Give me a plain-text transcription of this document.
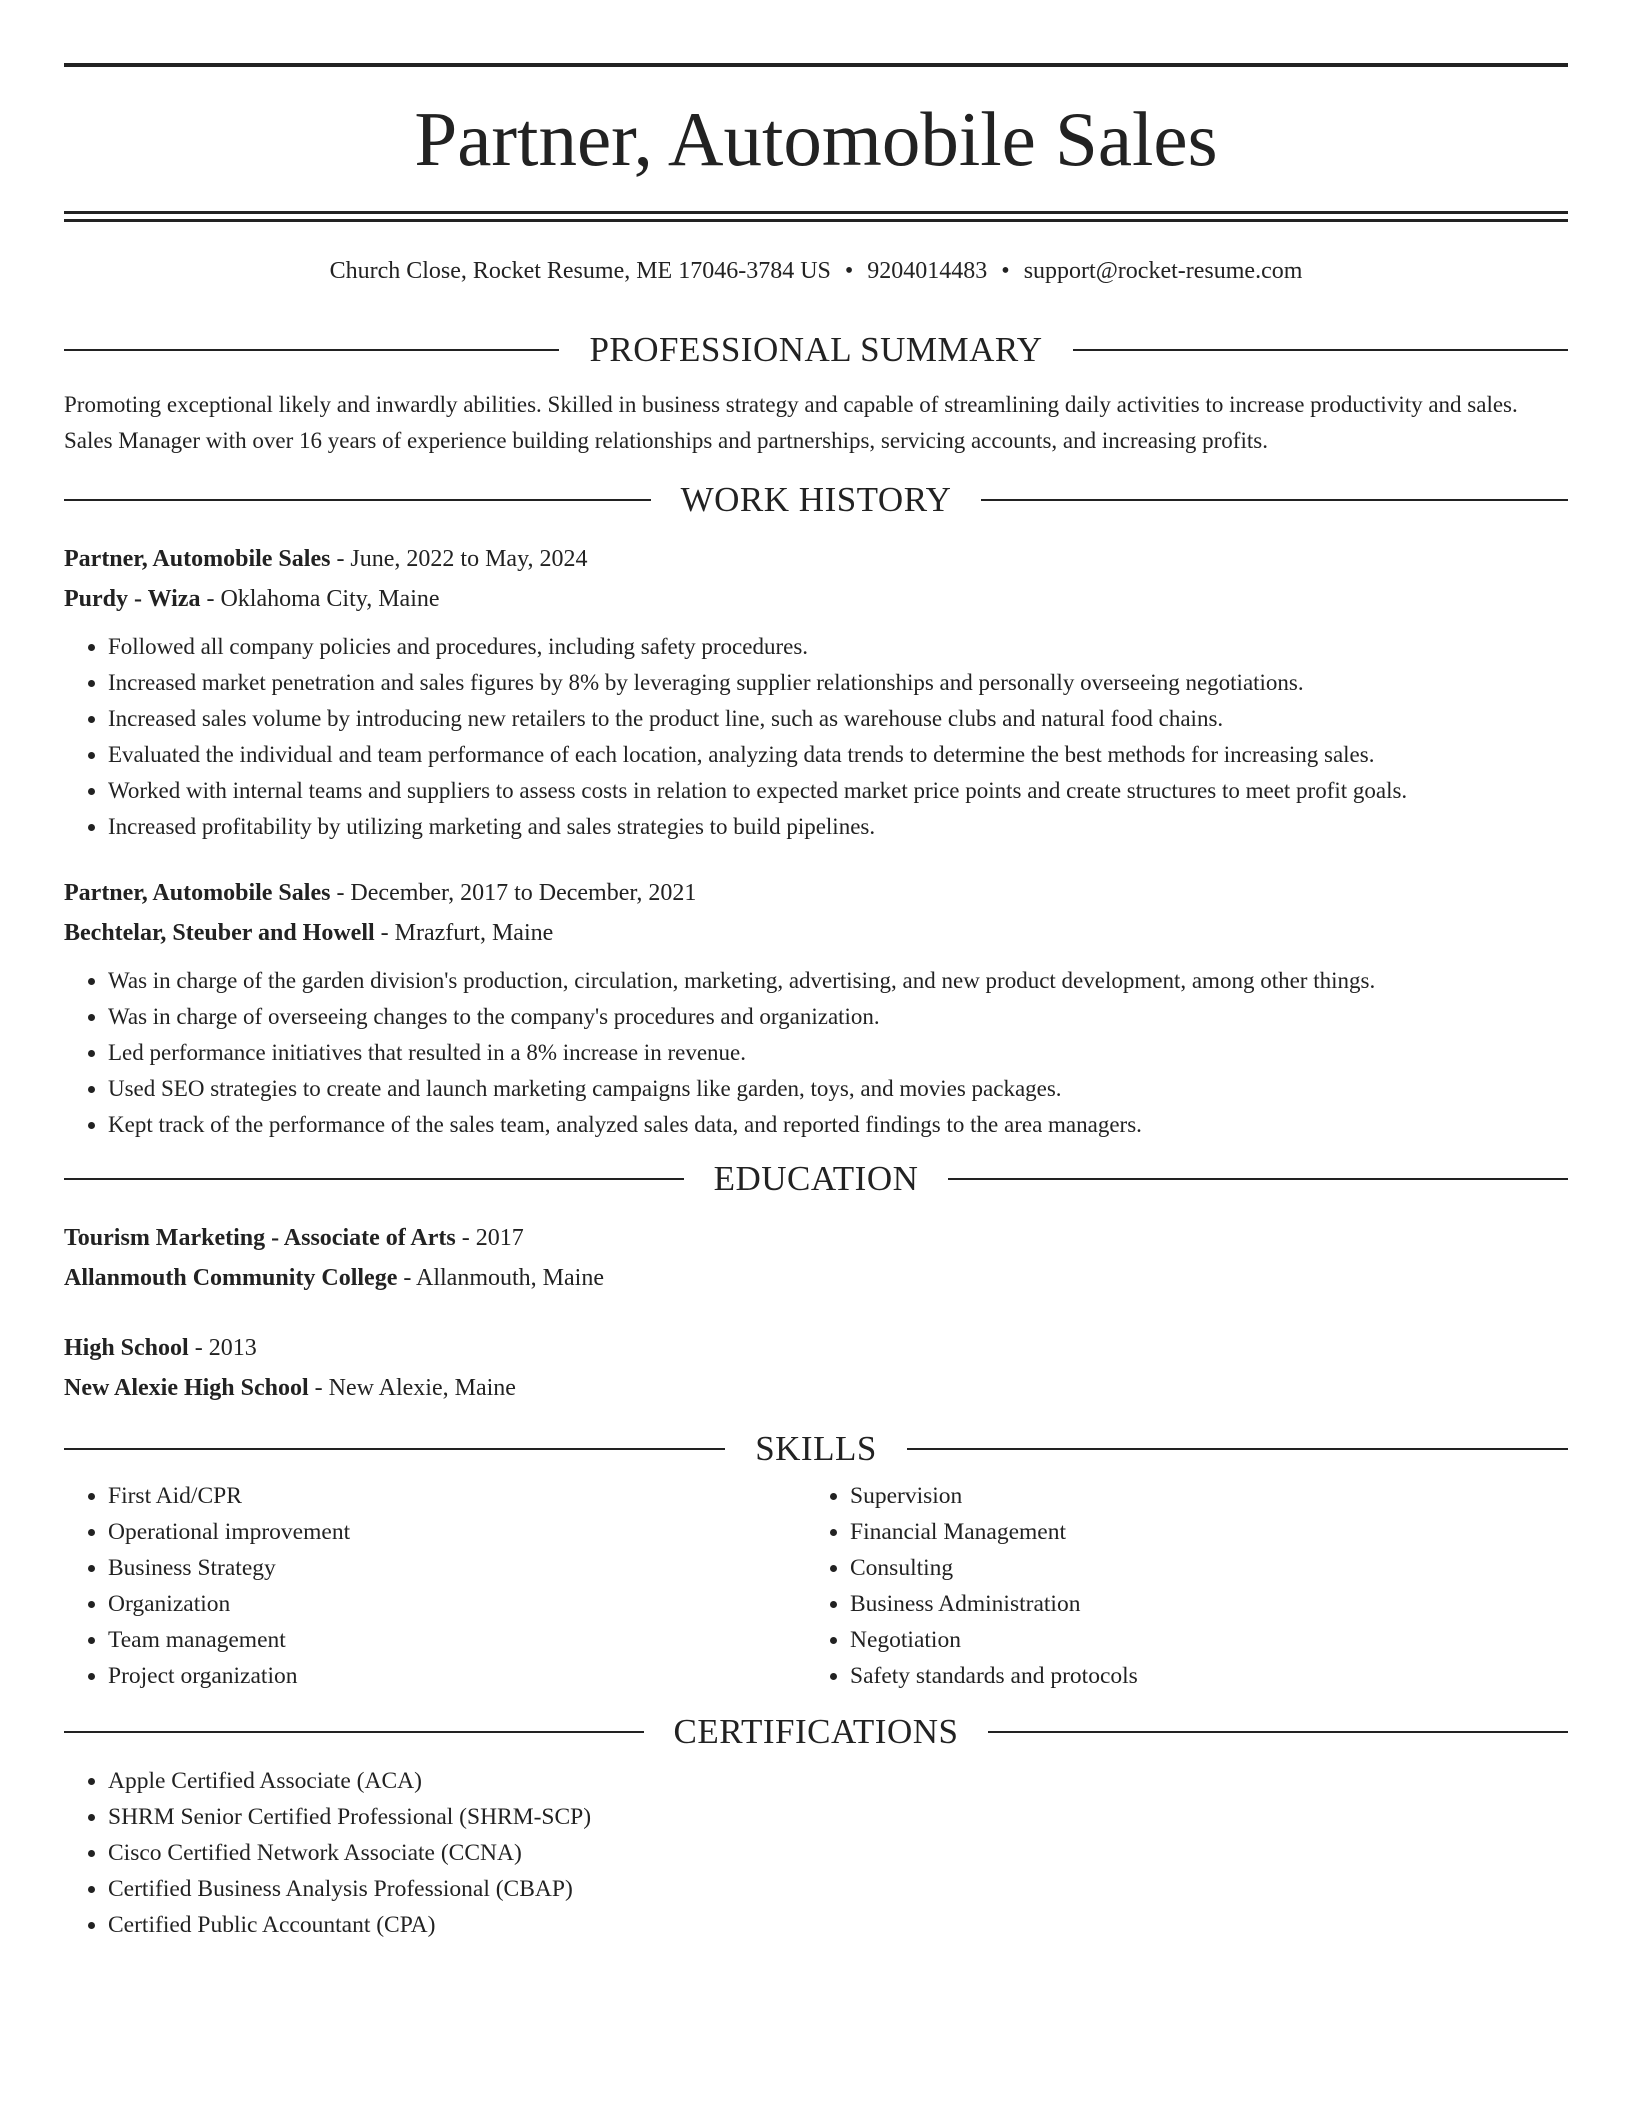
Partner, Automobile Sales
Church Close, Rocket Resume, ME 17046-3784 US • 9204014483 • support@rocket-resume.com
PROFESSIONAL SUMMARY

Promoting exceptional likely and inwardly abilities. Skilled in business strategy and capable of streamlining daily activities to increase productivity and sales. Sales Manager with over 16 years of experience building relationships and partnerships, servicing accounts, and increasing profits.

WORK HISTORY
Partner, Automobile Sales - June, 2022 to May, 2024
Purdy - Wiza - Oklahoma City, Maine
• Followed all company policies and procedures, including safety procedures.
• Increased market penetration and sales figures by 8% by leveraging supplier relationships and personally overseeing negotiations.
• Increased sales volume by introducing new retailers to the product line, such as warehouse clubs and natural food chains.
• Evaluated the individual and team performance of each location, analyzing data trends to determine the best methods for increasing sales.
• Worked with internal teams and suppliers to assess costs in relation to expected market price points and create structures to meet profit goals.
• Increased profitability by utilizing marketing and sales strategies to build pipelines.
Partner, Automobile Sales - December, 2017 to December, 2021
Bechtelar, Steuber and Howell - Mrazfurt, Maine
• Was in charge of the garden division's production, circulation, marketing, advertising, and new product development, among other things.
• Was in charge of overseeing changes to the company's procedures and organization.
• Led performance initiatives that resulted in a 8% increase in revenue.
• Used SEO strategies to create and launch marketing campaigns like garden, toys, and movies packages.
• Kept track of the performance of the sales team, analyzed sales data, and reported findings to the area managers.
EDUCATION
Tourism Marketing - Associate of Arts - 2017
Allanmouth Community College - Allanmouth, Maine
High School - 2013
New Alexie High School - New Alexie, Maine
SKILLS
• First Aid/CPR
• Operational improvement
• Business Strategy
• Organization
• Team management
• Project organization
• Supervision
• Financial Management
• Consulting
• Business Administration
• Negotiation
• Safety standards and protocols
CERTIFICATIONS
• Apple Certified Associate (ACA)
• SHRM Senior Certified Professional (SHRM-SCP)
• Cisco Certified Network Associate (CCNA)
• Certified Business Analysis Professional (CBAP)
• Certified Public Accountant (CPA)
